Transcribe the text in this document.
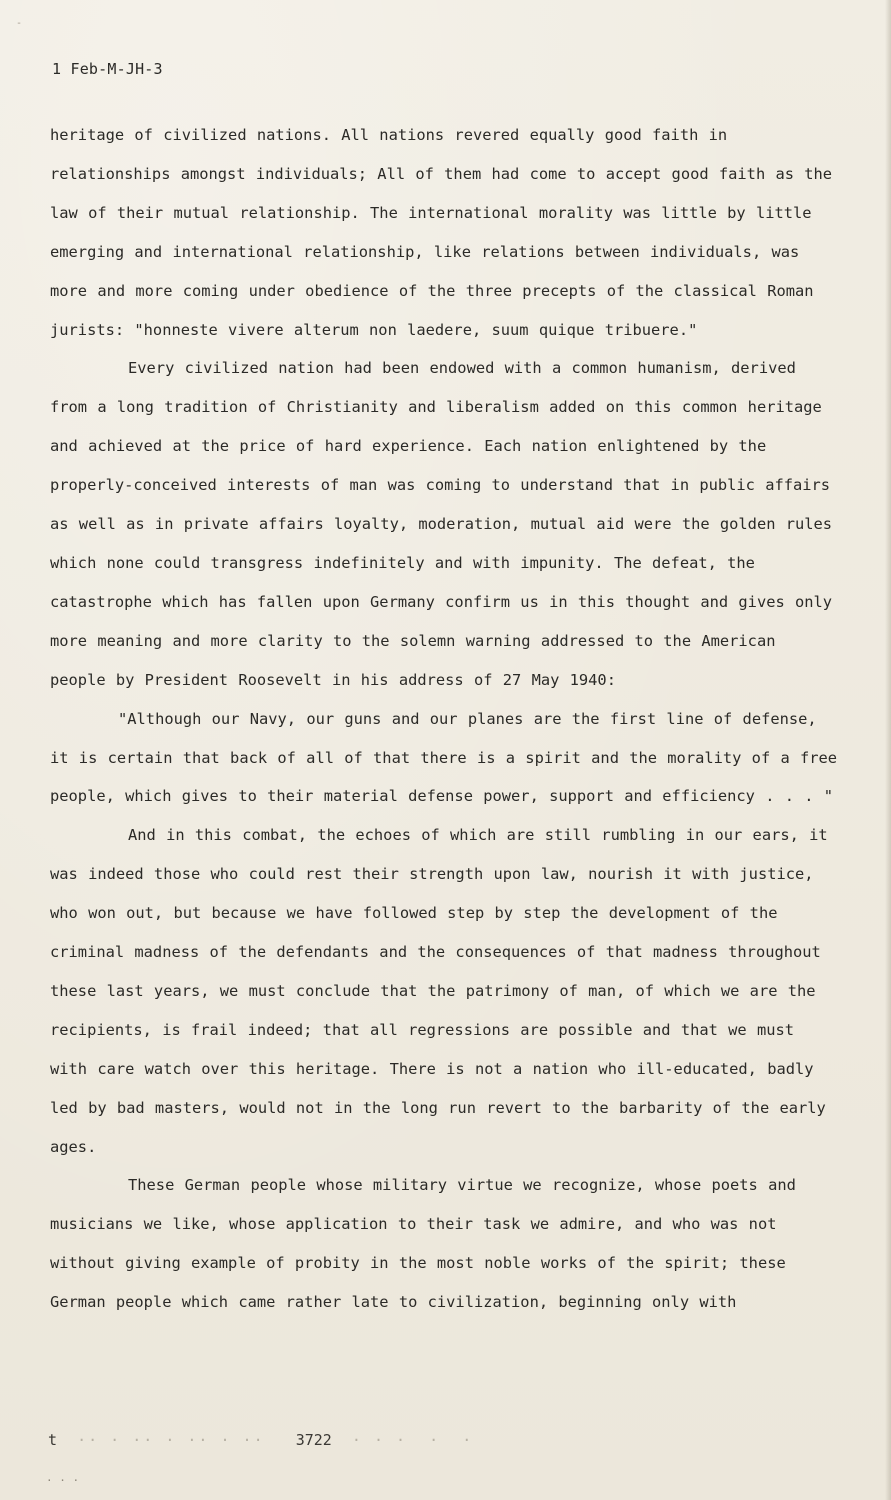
-
1 Feb-M-JH-3

heritage of civilized nations. All nations revered equally good faith in relationships amongst individuals; All of them had come to accept good faith as the law of their mutual relationship. The international morality was little by little emerging and international relationship, like relations between individuals, was more and more coming under obedience of the three precepts of the classical Roman jurists: "honneste vivere alterum non laedere, suum quique tribuere."

Every civilized nation had been endowed with a common humanism, derived from a long tradition of Christianity and liberalism added on this common heritage and achieved at the price of hard experience. Each nation enlightened by the properly-conceived interests of man was coming to understand that in public affairs as well as in private affairs loyalty, moderation, mutual aid were the golden rules which none could transgress indefinitely and with impunity. The defeat, the catastrophe which has fallen upon Germany confirm us in this thought and gives only more meaning and more clarity to the solemn warning addressed to the American people by President Roosevelt in his address of 27 May 1940:

"Although our Navy, our guns and our planes are the first line of defense, it is certain that back of all of that there is a spirit and the morality of a free people, which gives to their material defense power, support and efficiency . . . "

And in this combat, the echoes of which are still rumbling in our ears, it was indeed those who could rest their strength upon law, nourish it with justice, who won out, but because we have followed step by step the development of the criminal madness of the defendants and the consequences of that madness throughout these last years, we must conclude that the patrimony of man, of which we are the recipients, is frail indeed; that all regressions are possible and that we must with care watch over this heritage. There is not a nation who ill-educated, badly led by bad masters, would not in the long run revert to the barbarity of the early ages.

These German people whose military virtue we recognize, whose poets and musicians we like, whose application to their task we admire, and who was not without giving example of probity in the most noble works of the spirit; these German people which came rather late to civilization, beginning only with

t  ·· · ·· · ·· · ··   3722  · · ·  ·  ·
· · ·
